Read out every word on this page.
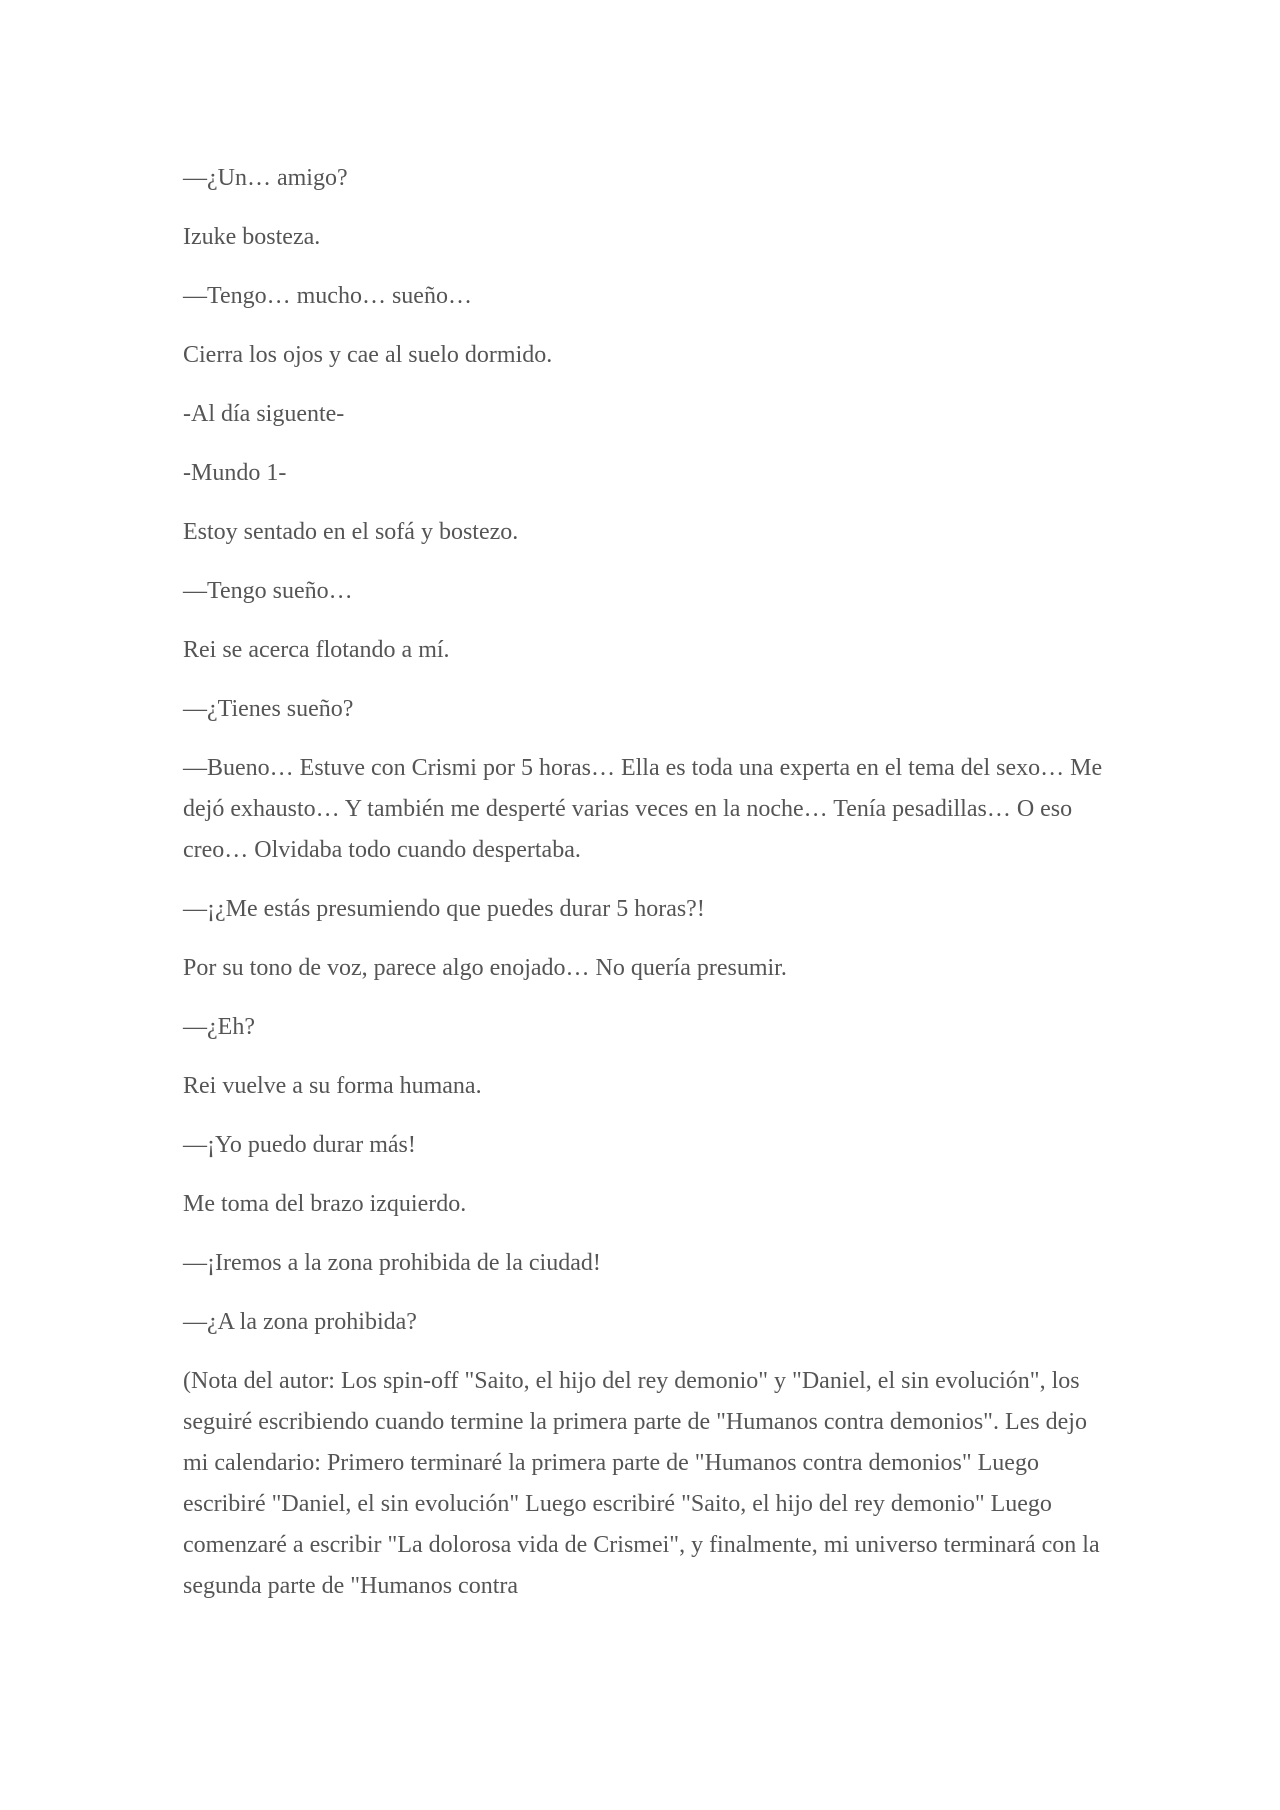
—¿Un… amigo?

Izuke bosteza.

—Tengo… mucho… sueño…

Cierra los ojos y cae al suelo dormido.

-Al día siguente-

-Mundo 1-

Estoy sentado en el sofá y bostezo.

—Tengo sueño…

Rei se acerca flotando a mí.

—¿Tienes sueño?

—Bueno… Estuve con Crismi por 5 horas… Ella es toda una experta en el tema del sexo… Me dejó exhausto… Y también me desperté varias veces en la noche… Tenía pesadillas… O eso creo… Olvidaba todo cuando despertaba.

—¡¿Me estás presumiendo que puedes durar 5 horas?!

Por su tono de voz, parece algo enojado… No quería presumir.

—¿Eh?

Rei vuelve a su forma humana.

—¡Yo puedo durar más!

Me toma del brazo izquierdo.

—¡Iremos a la zona prohibida de la ciudad!

—¿A la zona prohibida?

(Nota del autor: Los spin-off "Saito, el hijo del rey demonio" y "Daniel, el sin evolución", los seguiré escribiendo cuando termine la primera parte de "Humanos contra demonios". Les dejo mi calendario: Primero terminaré la primera parte de "Humanos contra demonios" Luego escribiré "Daniel, el sin evolución" Luego escribiré "Saito, el hijo del rey demonio" Luego comenzaré a escribir "La dolorosa vida de Crismei", y finalmente, mi universo terminará con la segunda parte de "Humanos contra
